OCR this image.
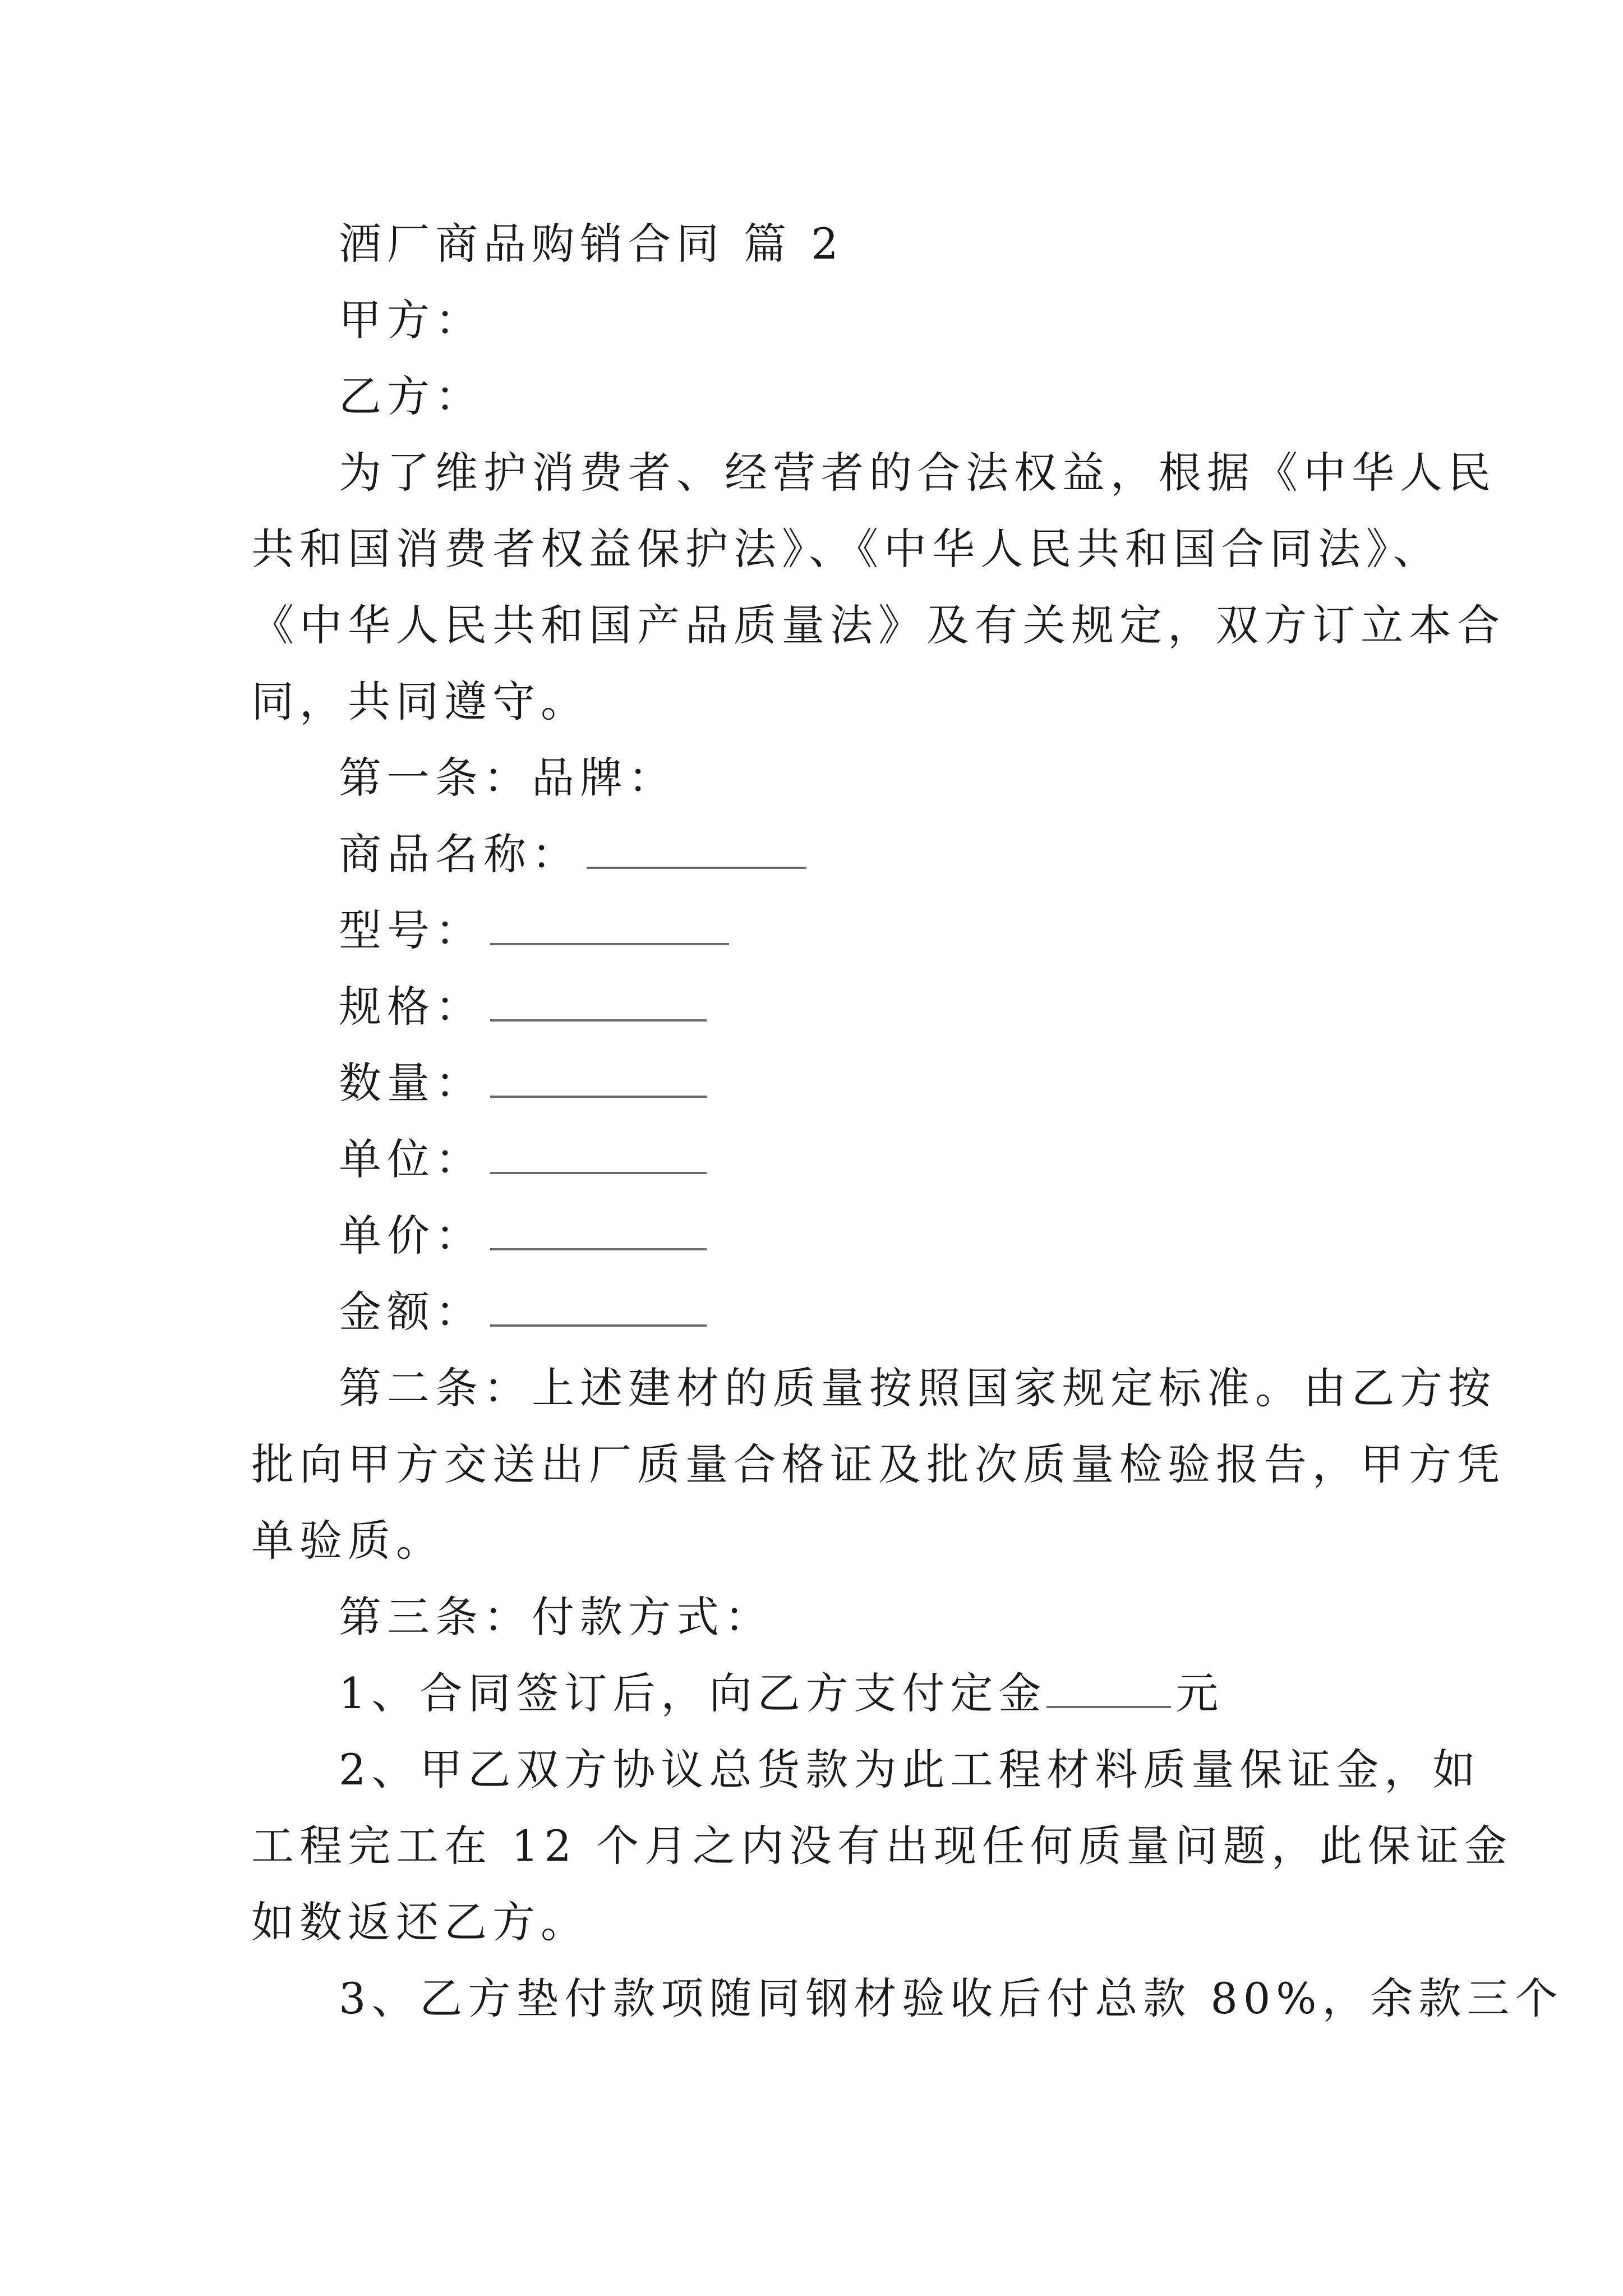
酒厂商品购销合同 篇 2
甲方：
乙方：
为了维护消费者、经营者的合法权益，根据《中华人民
共和国消费者权益保护法》、《中华人民共和国合同法》、
《中华人民共和国产品质量法》及有关规定，双方订立本合
同，共同遵守。
第一条：品牌：
商品名称：
型号：
规格：
数量：
单位：
单价：
金额：
第二条：上述建材的质量按照国家规定标准。由乙方按
批向甲方交送出厂质量合格证及批次质量检验报告，甲方凭
单验质。
第三条：付款方式：
1、合同签订后，向乙方支付定金	元
2、甲乙双方协议总货款为此工程材料质量保证金，如
工程完工在 12 个月之内没有出现任何质量问题，此保证金
如数返还乙方。
3、乙方垫付款项随同钢材验收后付总款 80%，余款三个
